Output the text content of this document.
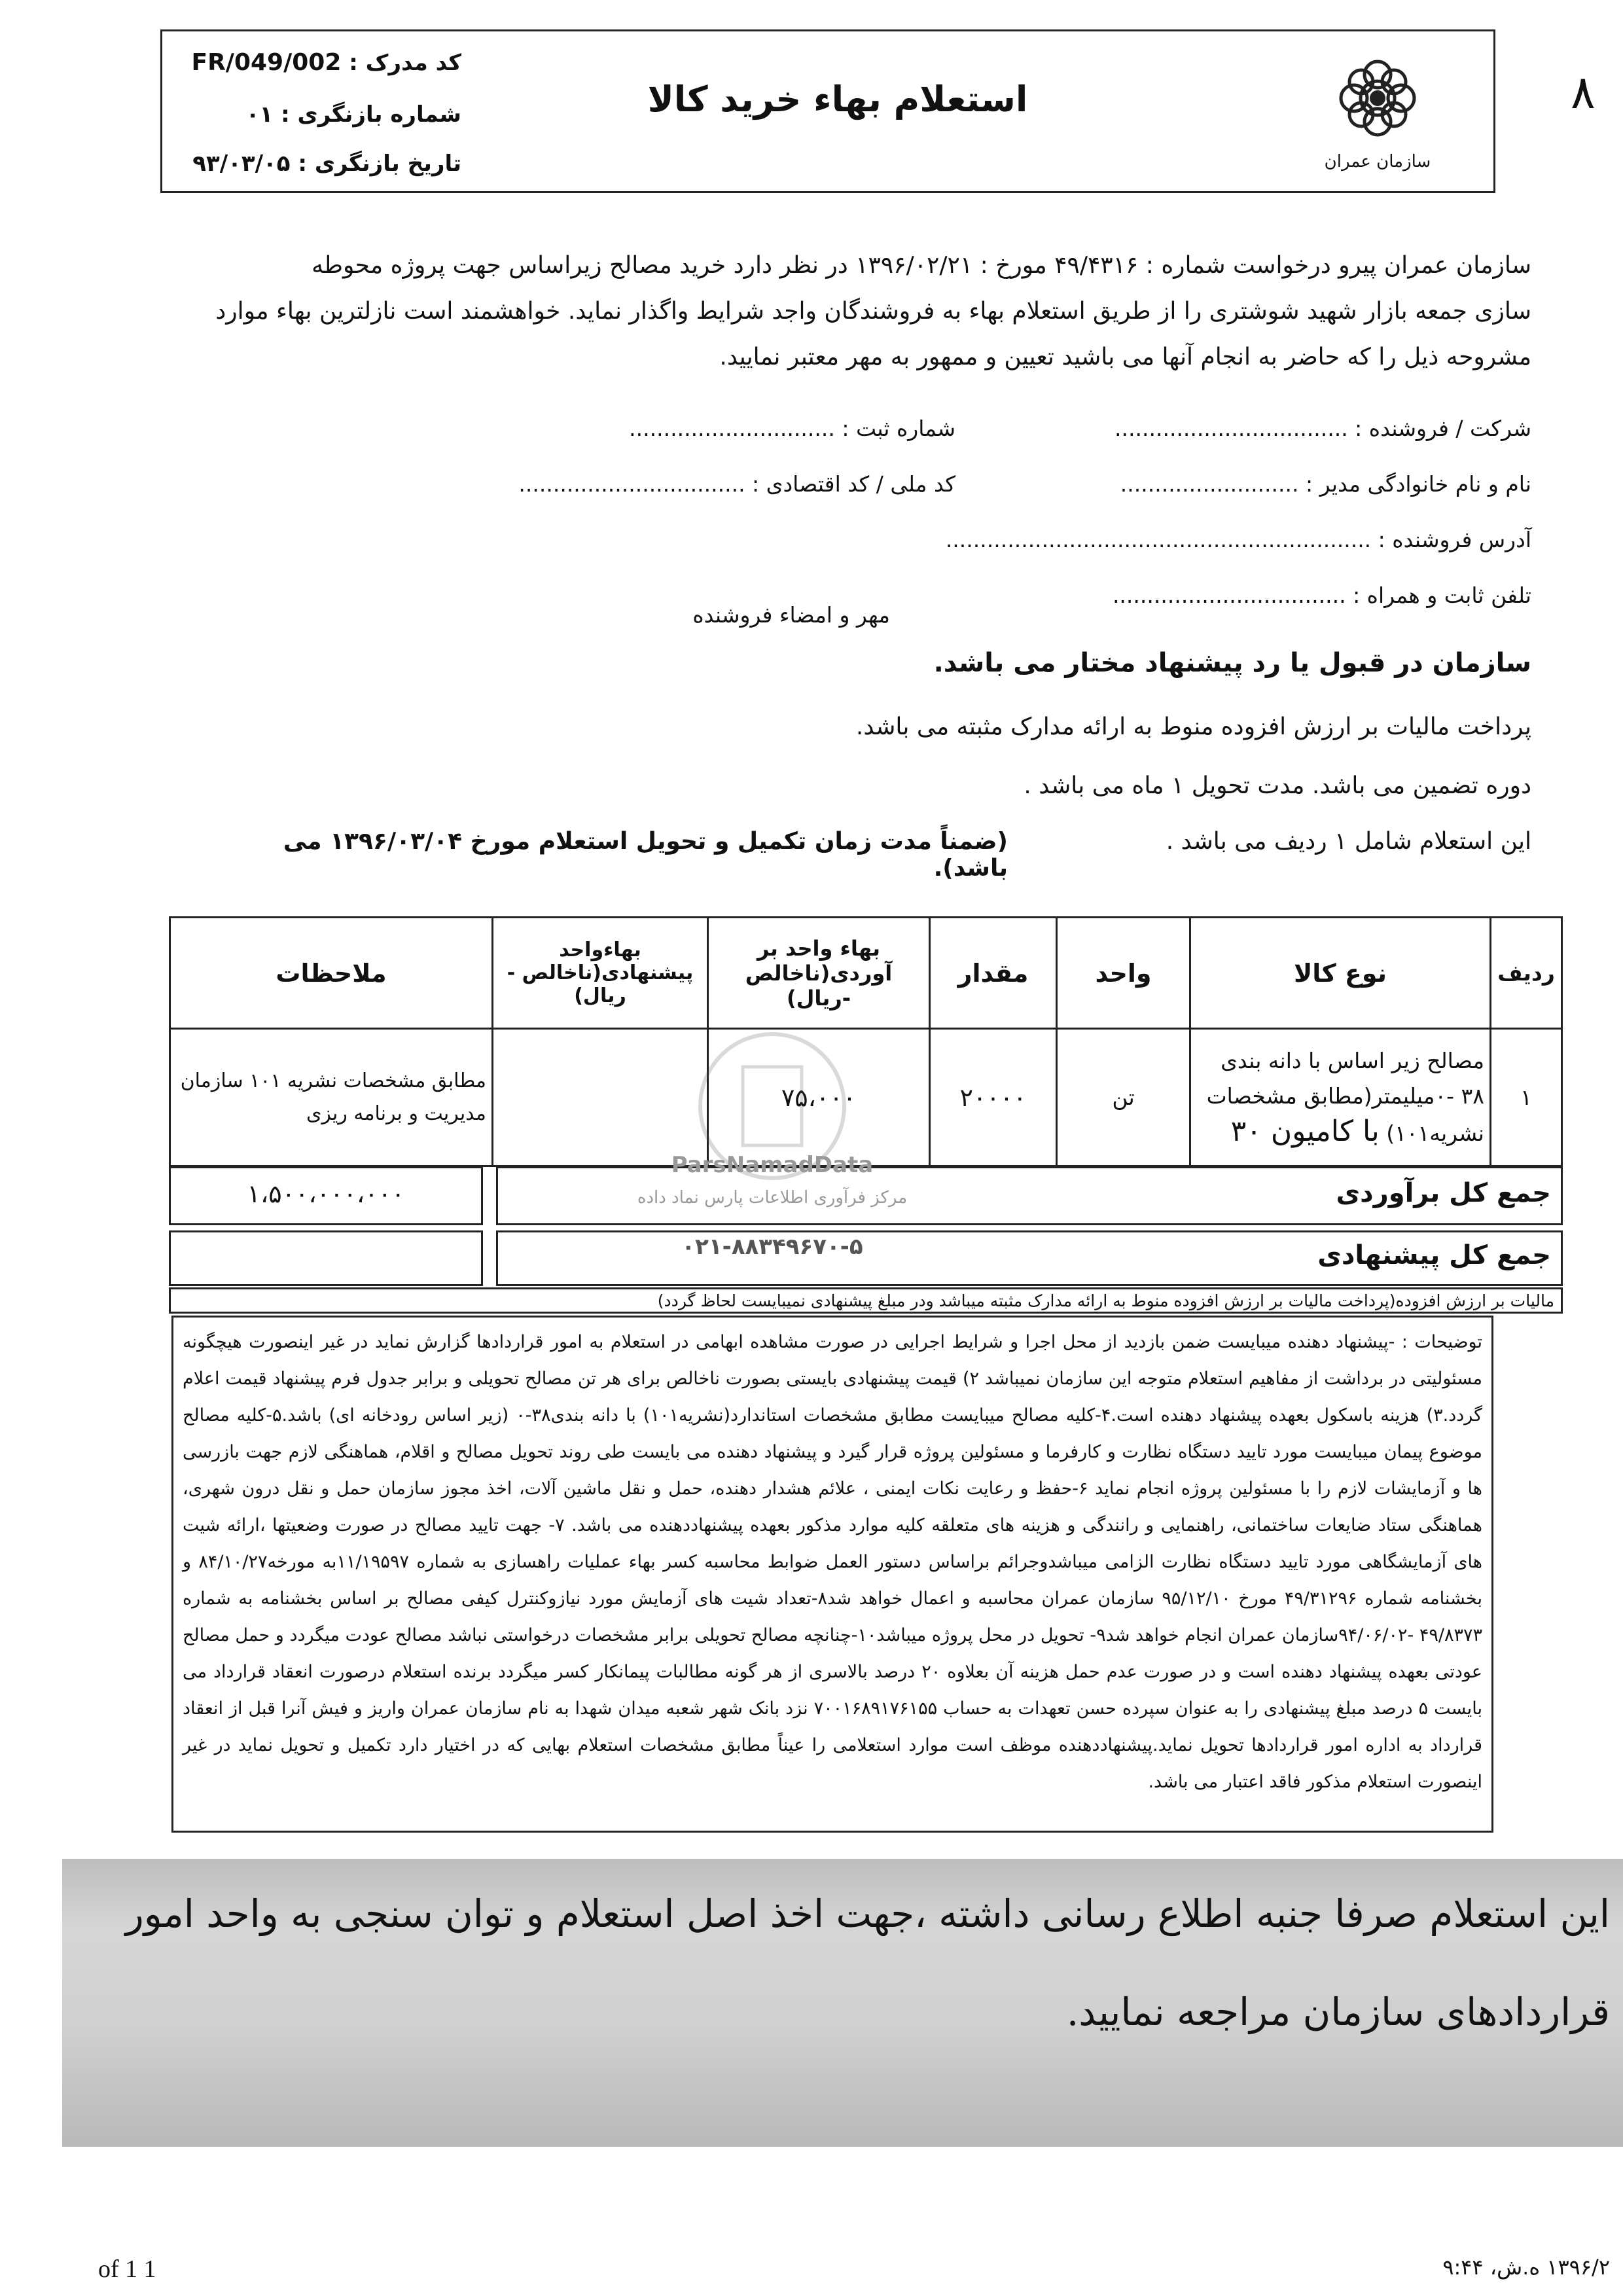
سازمان عمران
استعلام بهاء خرید کالا
کد مدرک : FR/049/002
شماره بازنگری : ۰۱
تاریخ بازنگری : ۹۳/۰۳/۰۵
۸
سازمان عمران پیرو درخواست شماره : ۴۹/۴۳۱۶ مورخ : ۱۳۹۶/۰۲/۲۱ در نظر دارد خرید مصالح زیراساس جهت پروژه محوطه
سازی جمعه بازار شهید شوشتری را از طریق استعلام بهاء به فروشندگان واجد شرایط واگذار نماید. خواهشمند است نازلترین بهاء موارد
مشروحه ذیل را که حاضر به انجام آنها می باشید تعیین و ممهور به مهر معتبر نمایید.
شرکت / فروشنده : ..................................
شماره ثبت : ..............................
نام و نام خانوادگی مدیر : ..........................
کد ملی / کد اقتصادی : .................................
آدرس فروشنده : ..............................................................
تلفن ثابت و همراه : ..................................
مهر و امضاء فروشنده
سازمان در قبول یا رد پیشنهاد مختار می باشد.
پرداخت مالیات بر ارزش افزوده منوط به ارائه مدارک مثبته می باشد.
دوره تضمین می باشد. مدت تحویل ۱ ماه می باشد .
این استعلام شامل ۱ ردیف می باشد .
(ضمناً مدت زمان تکمیل و تحویل استعلام مورخ ۱۳۹۶/۰۳/۰۴ می باشد).
ردیف	نوع کالا	واحد	مقدار	بهاء واحد بر آوردی(ناخالص -ریال)	بهاءواحد پیشنهادی(ناخالص - ریال)	ملاحظات
۱	مصالح زیر اساس با دانه بندی ۳۸ -۰میلیمتر(مطابق مشخصات نشریه۱۰۱) با کامیون ۳۰	تن	۲۰۰۰۰	۷۵،۰۰۰		مطابق مشخصات نشریه ۱۰۱ سازمان مدیریت و برنامه ریزی
جمع کل برآوردی
۱،۵۰۰،۰۰۰،۰۰۰
جمع کل پیشنهادی
مالیات بر ارزش افزوده(پرداخت مالیات بر ارزش افزوده منوط به ارائه مدارک مثبته میباشد ودر مبلغ پیشنهادی نمیبایست لحاظ گردد)
توضیحات : -پیشنهاد دهنده میبایست ضمن بازدید از محل اجرا و شرایط اجرایی در صورت مشاهده ابهامی در استعلام به امور قراردادها گزارش نماید در غیر اینصورت هیچگونه مسئولیتی در برداشت از مفاهیم استعلام متوجه این سازمان نمیباشد ۲) قیمت پیشنهادی بایستی بصورت ناخالص برای هر تن مصالح تحویلی و برابر جدول فرم پیشنهاد قیمت اعلام گردد.۳) هزینه باسکول بعهده پیشنهاد دهنده است.۴-کلیه مصالح میبایست مطابق مشخصات استاندارد(نشریه۱۰۱) با دانه بندی۳۸-۰ (زیر اساس رودخانه ای) باشد.۵-کلیه مصالح موضوع پیمان میبایست مورد تایید دستگاه نظارت و کارفرما و مسئولین پروژه قرار گیرد و پیشنهاد دهنده می بایست طی روند تحویل مصالح و اقلام، هماهنگی لازم جهت بازرسی ها و آزمایشات لازم را با مسئولین پروژه انجام نماید ۶-حفظ و رعایت نکات ایمنی ، علائم هشدار دهنده، حمل و نقل ماشین آلات، اخذ مجوز سازمان حمل و نقل درون شهری، هماهنگی ستاد ضایعات ساختمانی، راهنمایی و رانندگی و هزینه های متعلقه کلیه موارد مذکور بعهده پیشنهاددهنده می باشد. ۷- جهت تایید مصالح در صورت وضعیتها ،ارائه شیت های آزمایشگاهی مورد تایید دستگاه نظارت الزامی میباشدوجرائم براساس دستور العمل ضوابط محاسبه کسر بهاء عملیات راهسازی به شماره ۱۱/۱۹۵۹۷به مورخه۸۴/۱۰/۲۷ و بخشنامه شماره ۴۹/۳۱۲۹۶ مورخ ۹۵/۱۲/۱۰ سازمان عمران محاسبه و اعمال خواهد شد۸-تعداد شیت های آزمایش مورد نیازوکنترل کیفی مصالح بر اساس بخشنامه به شماره ۴۹/۸۳۷۳ -۹۴/۰۶/۰۲سازمان عمران انجام خواهد شد۹- تحویل در محل پروژه میباشد۱۰-چنانچه مصالح تحویلی برابر مشخصات درخواستی نباشد مصالح عودت میگردد و حمل مصالح عودتی بعهده پیشنهاد دهنده است و در صورت عدم حمل هزینه آن بعلاوه ۲۰ درصد بالاسری از هر گونه مطالبات پیمانکار کسر میگردد برنده استعلام درصورت انعقاد قرارداد می بایست ۵ درصد مبلغ پیشنهادی را به عنوان سپرده حسن تعهدات به حساب ۷۰۰۱۶۸۹۱۷۶۱۵۵ نزد بانک شهر شعبه میدان شهدا به نام سازمان عمران واریز و فیش آنرا قبل از انعقاد قرارداد به اداره امور قراردادها تحویل نماید.پیشنهاددهنده موظف است موارد استعلامی را عیناً مطابق مشخصات استعلام بهایی که در اختیار دارد تکمیل و تحویل نماید در غیر اینصورت استعلام مذکور فاقد اعتبار می باشد.
ParsNamadData
مرکز فرآوری اطلاعات پارس نماد داده
۰۲۱-۸۸۳۴۹۶۷۰-۵
این استعلام صرفا جنبه اطلاع رسانی داشته ،جهت اخذ اصل استعلام و توان سنجی به واحد امور
قراردادهای سازمان مراجعه نمایید.
of 1 1	۱۳۹۶/۲ ه.ش، ۹:۴۴
